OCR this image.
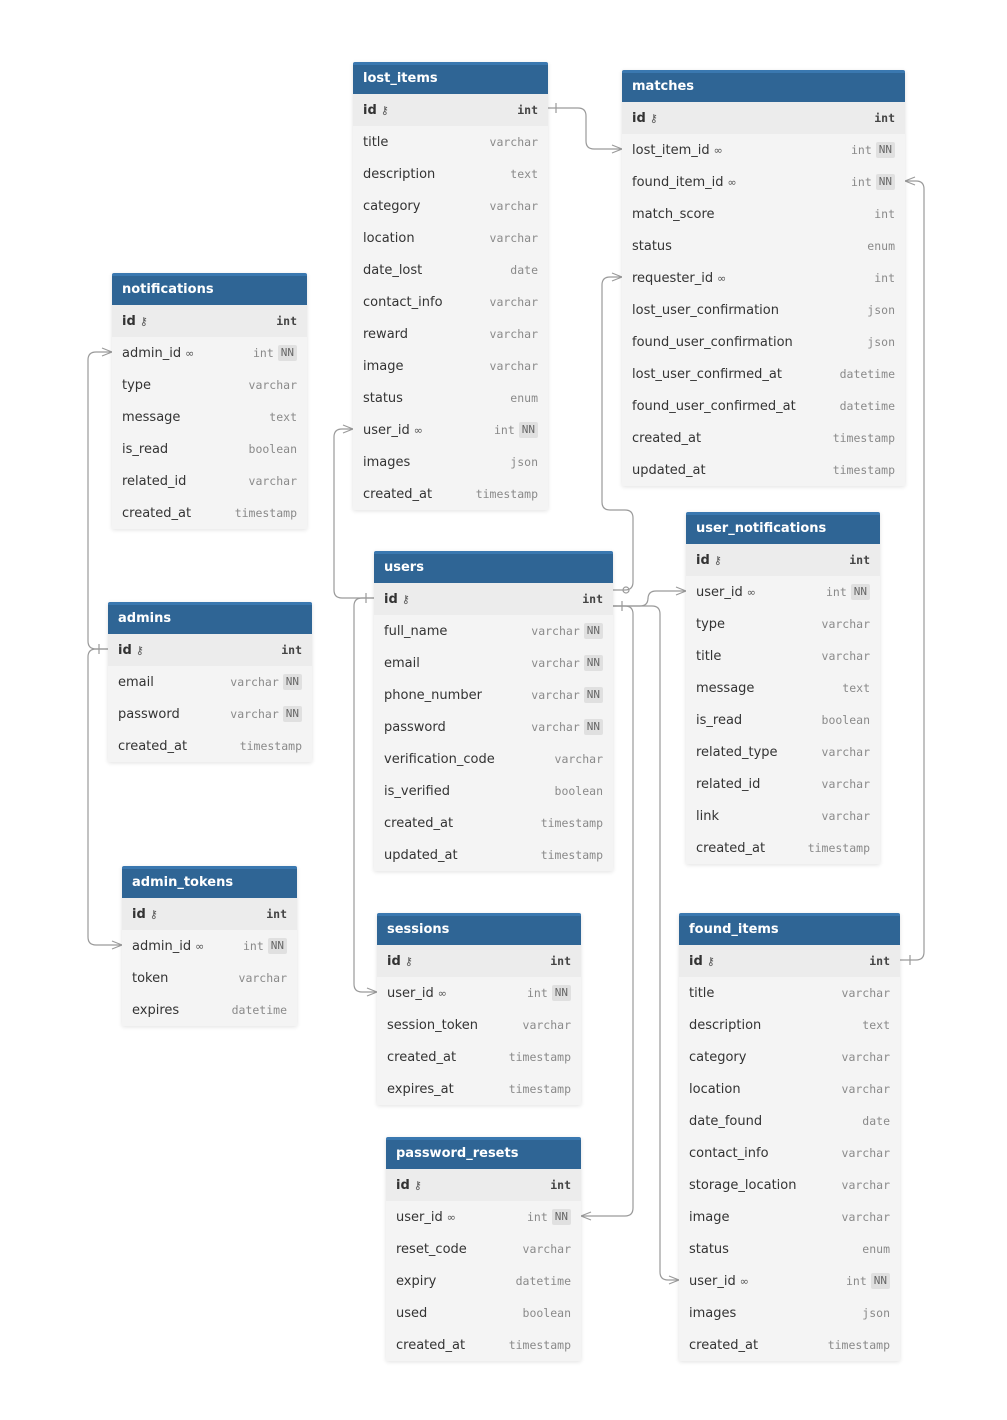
lost_items
id ⚷	int
title	varchar
description	text
category	varchar
location	varchar
date_lost	date
contact_info	varchar
reward	varchar
image	varchar
status	enum
user_id ∞	int NN
images	json
created_at	timestamp
matches
id ⚷	int
lost_item_id ∞	int NN
found_item_id ∞	int NN
match_score	int
status	enum
requester_id ∞	int
lost_user_confirmation	json
found_user_confirmation	json
lost_user_confirmed_at	datetime
found_user_confirmed_at	datetime
created_at	timestamp
updated_at	timestamp
notifications
id ⚷	int
admin_id ∞	int NN
type	varchar
message	text
is_read	boolean
related_id	varchar
created_at	timestamp
user_notifications
id ⚷	int
user_id ∞	int NN
type	varchar
title	varchar
message	text
is_read	boolean
related_type	varchar
related_id	varchar
link	varchar
created_at	timestamp
users
id ⚷	int
full_name	varchar NN
email	varchar NN
phone_number	varchar NN
password	varchar NN
verification_code	varchar
is_verified	boolean
created_at	timestamp
updated_at	timestamp
admins
id ⚷	int
email	varchar NN
password	varchar NN
created_at	timestamp
admin_tokens
id ⚷	int
admin_id ∞	int NN
token	varchar
expires	datetime
sessions
id ⚷	int
user_id ∞	int NN
session_token	varchar
created_at	timestamp
expires_at	timestamp
found_items
id ⚷	int
title	varchar
description	text
category	varchar
location	varchar
date_found	date
contact_info	varchar
storage_location	varchar
image	varchar
status	enum
user_id ∞	int NN
images	json
created_at	timestamp
password_resets
id ⚷	int
user_id ∞	int NN
reset_code	varchar
expiry	datetime
used	boolean
created_at	timestamp
